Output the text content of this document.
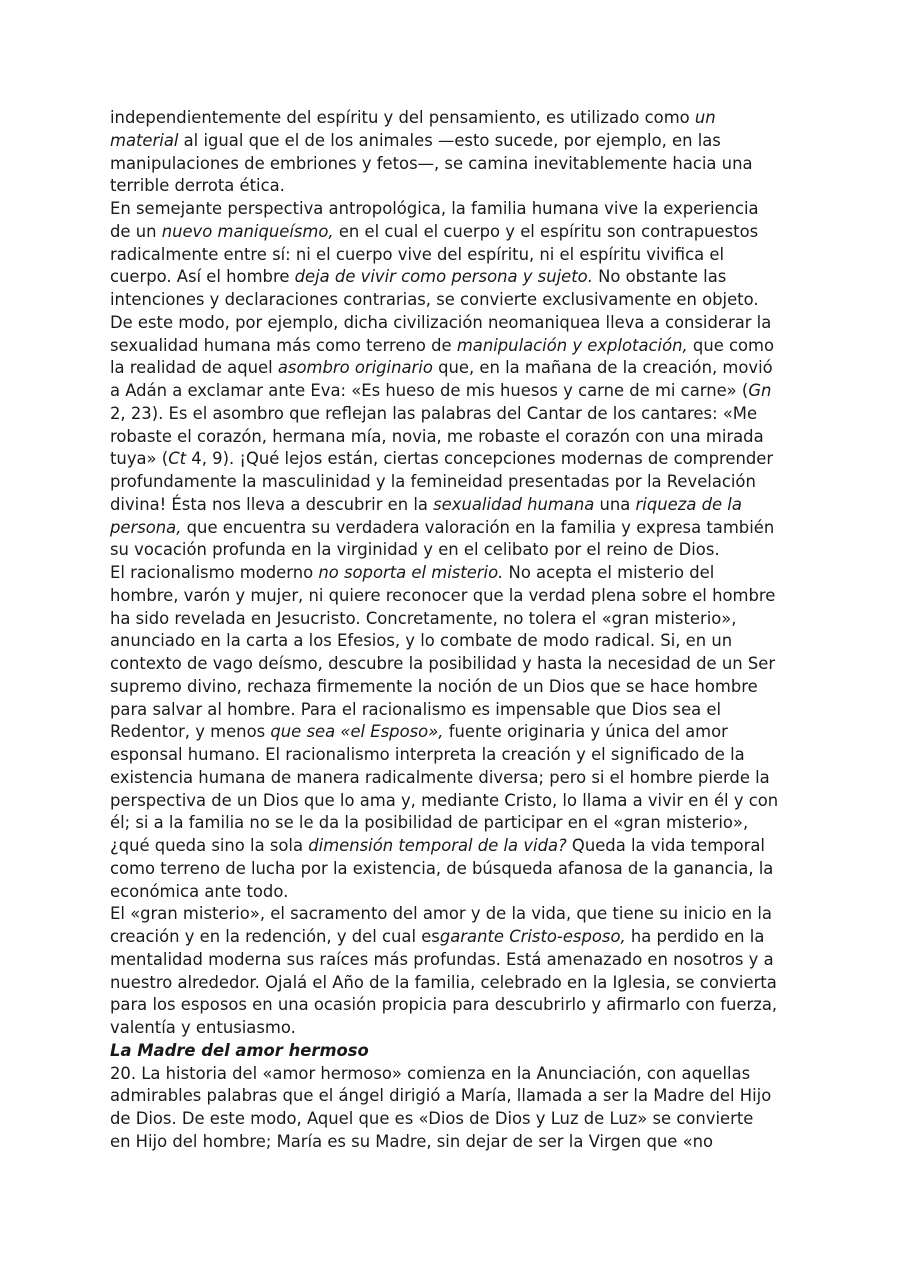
independientemente del espíritu y del pensamiento, es utilizado como un
material al igual que el de los animales —esto sucede, por ejemplo, en las
manipulaciones de embriones y fetos—, se camina inevitablemente hacia una
terrible derrota ética.

En semejante perspectiva antropológica, la familia humana vive la experiencia
de un nuevo maniqueísmo, en el cual el cuerpo y el espíritu son contrapuestos
radicalmente entre sí: ni el cuerpo vive del espíritu, ni el espíritu vivifica el
cuerpo. Así el hombre deja de vivir como persona y sujeto. No obstante las
intenciones y declaraciones contrarias, se convierte exclusivamente en objeto.
De este modo, por ejemplo, dicha civilización neomaniquea lleva a considerar la
sexualidad humana más como terreno de manipulación y explotación, que como
la realidad de aquel asombro originario que, en la mañana de la creación, movió
a Adán a exclamar ante Eva: «Es hueso de mis huesos y carne de mi carne» (Gn
2, 23). Es el asombro que reflejan las palabras del Cantar de los cantares: «Me
robaste el corazón, hermana mía, novia, me robaste el corazón con una mirada
tuya» (Ct 4, 9). ¡Qué lejos están, ciertas concepciones modernas de comprender
profundamente la masculinidad y la femineidad presentadas por la Revelación
divina! Ésta nos lleva a descubrir en la sexualidad humana una riqueza de la
persona, que encuentra su verdadera valoración en la familia y expresa también
su vocación profunda en la virginidad y en el celibato por el reino de Dios.

El racionalismo moderno no soporta el misterio. No acepta el misterio del
hombre, varón y mujer, ni quiere reconocer que la verdad plena sobre el hombre
ha sido revelada en Jesucristo. Concretamente, no tolera el «gran misterio»,
anunciado en la carta a los Efesios, y lo combate de modo radical. Si, en un
contexto de vago deísmo, descubre la posibilidad y hasta la necesidad de un Ser
supremo divino, rechaza firmemente la noción de un Dios que se hace hombre
para salvar al hombre. Para el racionalismo es impensable que Dios sea el
Redentor, y menos que sea «el Esposo», fuente originaria y única del amor
esponsal humano. El racionalismo interpreta la creación y el significado de la
existencia humana de manera radicalmente diversa; pero si el hombre pierde la
perspectiva de un Dios que lo ama y, mediante Cristo, lo llama a vivir en él y con
él; si a la familia no se le da la posibilidad de participar en el «gran misterio»,
¿qué queda sino la sola dimensión temporal de la vida? Queda la vida temporal
como terreno de lucha por la existencia, de búsqueda afanosa de la ganancia, la
económica ante todo.

El «gran misterio», el sacramento del amor y de la vida, que tiene su inicio en la
creación y en la redención, y del cual esgarante Cristo-esposo, ha perdido en la
mentalidad moderna sus raíces más profundas. Está amenazado en nosotros y a
nuestro alrededor. Ojalá el Año de la familia, celebrado en la Iglesia, se convierta
para los esposos en una ocasión propicia para descubrirlo y afirmarlo con fuerza,
valentía y entusiasmo.

La Madre del amor hermoso

20. La historia del «amor hermoso» comienza en la Anunciación, con aquellas
admirables palabras que el ángel dirigió a María, llamada a ser la Madre del Hijo
de Dios. De este modo, Aquel que es «Dios de Dios y Luz de Luz» se convierte
en Hijo del hombre; María es su Madre, sin dejar de ser la Virgen que «no
